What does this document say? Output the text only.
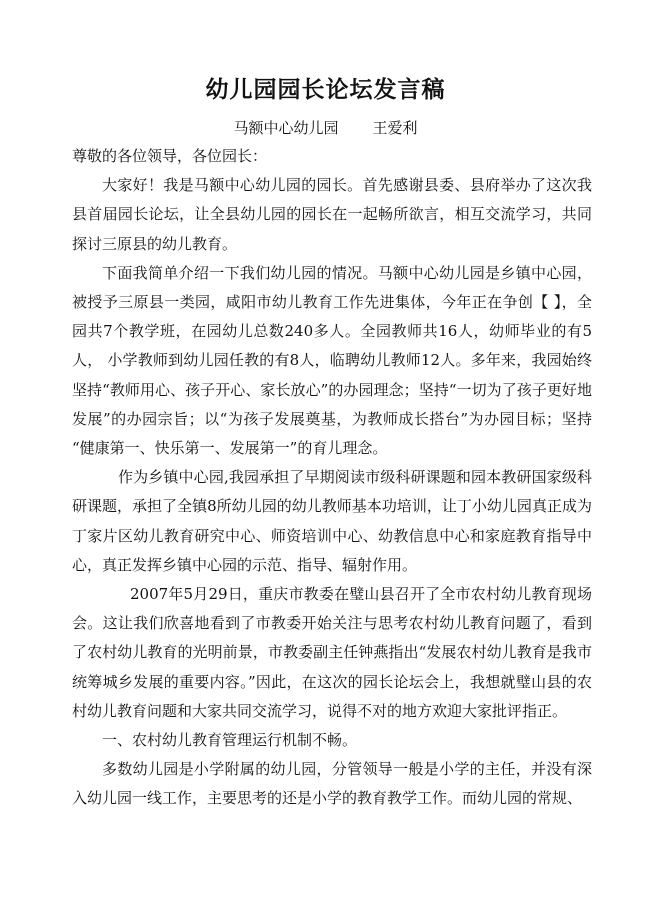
幼儿园园长论坛发言稿
马额中心幼儿园 王爱利

尊敬的各位领导，各位园长：

大家好！我是马额中心幼儿园的园长。首先感谢县委、县府举办了这次我县首届园长论坛，让全县幼儿园的园长在一起畅所欲言，相互交流学习，共同探讨三原县的幼儿教育。

下面我简单介绍一下我们幼儿园的情况。马额中心幼儿园是乡镇中心园，被授予三原县一类园，咸阳市幼儿教育工作先进集体，今年正在争创【 】，全园共7个教学班，在园幼儿总数240多人。全园教师共16人，幼师毕业的有5人， 小学教师到幼儿园任教的有8人，临聘幼儿教师12人。多年来，我园始终坚持“教师用心、孩子开心、家长放心”的办园理念；坚持“一切为了孩子更好地发展”的办园宗旨；以“为孩子发展奠基，为教师成长搭台”为办园目标；坚持 “健康第一、快乐第一、发展第一”的育儿理念。

作为乡镇中心园,我园承担了早期阅读市级科研课题和园本教研国家级科研课题，承担了全镇8所幼儿园的幼儿教师基本功培训，让丁小幼儿园真正成为丁家片区幼儿教育研究中心、师资培训中心、幼教信息中心和家庭教育指导中心，真正发挥乡镇中心园的示范、指导、辐射作用。

2007年5月29日，重庆市教委在璧山县召开了全市农村幼儿教育现场会。这让我们欣喜地看到了市教委开始关注与思考农村幼儿教育问题了，看到了农村幼儿教育的光明前景，市教委副主任钟燕指出“发展农村幼儿教育是我市统筹城乡发展的重要内容。”因此，在这次的园长论坛会上，我想就璧山县的农村幼儿教育问题和大家共同交流学习，说得不对的地方欢迎大家批评指正。

一、农村幼儿教育管理运行机制不畅。

多数幼儿园是小学附属的幼儿园，分管领导一般是小学的主任，并没有深入幼儿园一线工作，主要思考的还是小学的教育教学工作。而幼儿园的常规、
